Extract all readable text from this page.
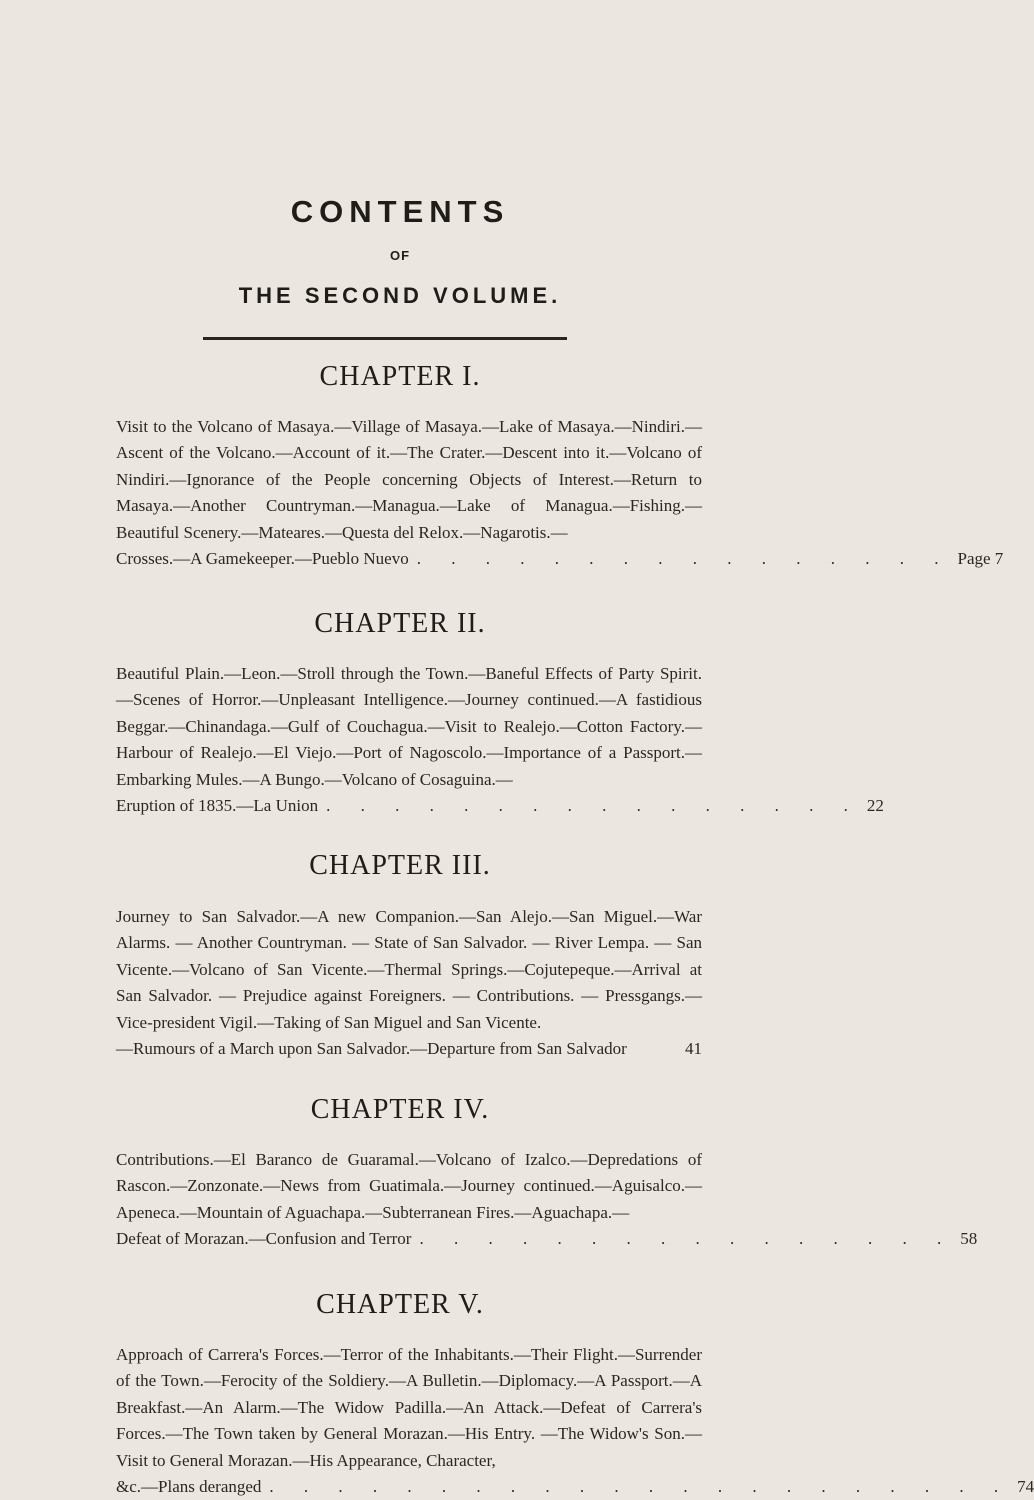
CONTENTS
OF
THE SECOND VOLUME.
CHAPTER I.

Visit to the Volcano of Masaya.—Village of Masaya.—Lake of Masaya.—Nindiri.—Ascent of the Volcano.—Account of it.—The Crater.—Descent into it.—Volcano of Nindiri.—Ignorance of the People concerning Objects of Interest.—Return to Masaya.—Another Countryman.—Managua.—Lake of Managua.—Fishing.—Beautiful Scenery.—Mateares.—Questa del Relox.—Nagarotis.—

Crosses.—A Gamekeeper.—Pueblo Nuevo . . . . . . . . . . . . . . . . Page 7
CHAPTER II.

Beautiful Plain.—Leon.—Stroll through the Town.—Baneful Effects of Party Spirit.—Scenes of Horror.—Unpleasant Intelligence.—Journey continued.—A fastidious Beggar.—Chinandaga.—Gulf of Couchagua.—Visit to Realejo.—Cotton Factory.—Harbour of Realejo.—El Viejo.—Port of Nagoscolo.—Importance of a Passport.—Embarking Mules.—A Bungo.—Volcano of Cosaguina.—

Eruption of 1835.—La Union . . . . . . . . . . . . . . . . 22
CHAPTER III.

Journey to San Salvador.—A new Companion.—San Alejo.—San Miguel.—War Alarms. — Another Countryman. — State of San Salvador. — River Lempa. — San Vicente.—Volcano of San Vicente.—Thermal Springs.—Cojutepeque.—Arrival at San Salvador. — Prejudice against Foreigners. — Contributions. — Pressgangs.—Vice-president Vigil.—Taking of San Miguel and San Vicente.

—Rumours of a March upon San Salvador.—Departure from San Salvador	41
CHAPTER IV.

Contributions.—El Baranco de Guaramal.—Volcano of Izalco.—Depredations of Rascon.—Zonzonate.—News from Guatimala.—Journey continued.—Aguisalco.—Apeneca.—Mountain of Aguachapa.—Subterranean Fires.—Aguachapa.—

Defeat of Morazan.—Confusion and Terror . . . . . . . . . . . . . . . . 58
CHAPTER V.

Approach of Carrera's Forces.—Terror of the Inhabitants.—Their Flight.—Surrender of the Town.—Ferocity of the Soldiery.—A Bulletin.—Diplomacy.—A Passport.—A Breakfast.—An Alarm.—The Widow Padilla.—An Attack.—Defeat of Carrera's Forces.—The Town taken by General Morazan.—His Entry. —The Widow's Son.—Visit to General Morazan.—His Appearance, Character,

&c.—Plans deranged . . . . . . . . . . . . . . . . . . . . . . 74
